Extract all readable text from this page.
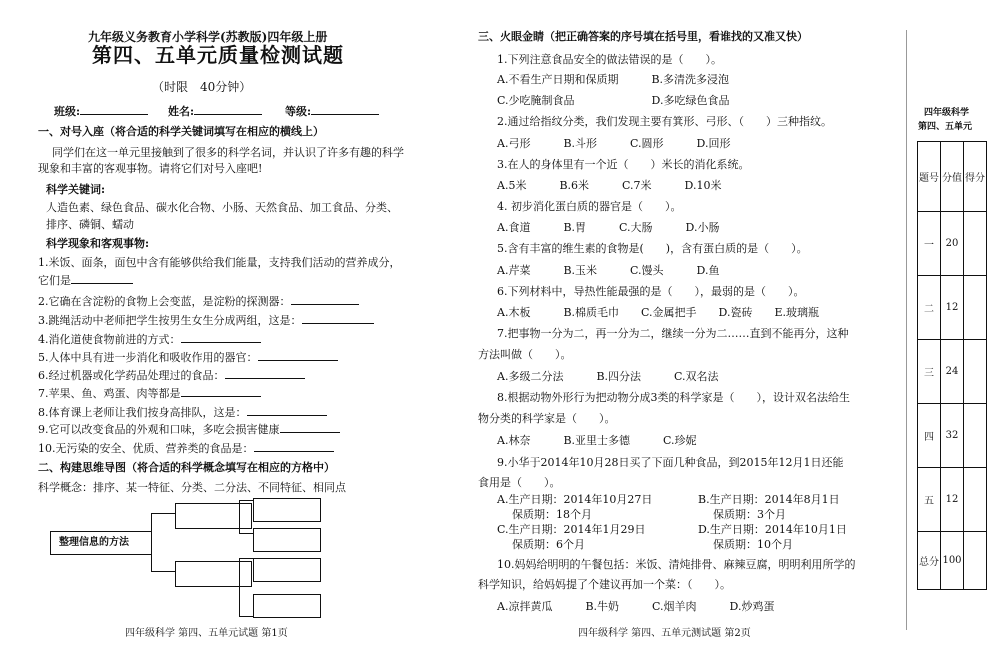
九年级义务教育小学科学(苏教版)四年级上册
第四、五单元质量检测试题
（时限　40分钟）
班级:	姓名:	等级:
一、对号入座（将合适的科学关键词填写在相应的横线上）
同学们在这一单元里接触到了很多的科学名词，并认识了许多有趣的科学
现象和丰富的客观事物。请将它们对号入座吧!
科学关键词:
人造色素、绿色食品、碳水化合物、小肠、天然食品、加工食品、分类、
排序、磷铜、蠕动
科学现象和客观事物:
1.米饭、面条，面包中含有能够供给我们能量，支持我们活动的营养成分，
它们是
2.它确在含淀粉的食物上会变蓝，是淀粉的探测器：
3.跳绳活动中老师把学生按男生女生分成两组，这是：
4.消化道使食物前进的方式：
5.人体中具有进一步消化和吸收作用的器官：
6.经过机器或化学药品处理过的食品：
7.苹果、鱼、鸡蛋、肉等都是
8.体育课上老师让我们按身高排队，这是：
9.它可以改变食品的外观和口味，多吃会损害健康
10.无污染的安全、优质、营养类的食品是：
二、构建思维导图（将合适的科学概念填写在相应的方格中）
科学概念：排序、某一特征、分类、二分法、不同特征、相同点
整理信息的方法
四年级科学 第四、五单元试题 第1页
三、火眼金睛（把正确答案的序号填在括号里，看谁找的又准又快）
1.下列注意食品安全的做法错误的是（　　）。
A.不看生产日期和保质期　　　B.多清洗多浸泡
C.少吃腌制食品　　　　　　　D.多吃绿色食品
2.通过给指纹分类，我们发现主要有箕形、弓形、（　　）三种指纹。
A.弓形　　　B.斗形　　　C.圆形　　　D.回形
3.在人的身体里有一个近（　　）米长的消化系统。
A.5米　　　B.6米　　　C.7米　　　D.10米
4. 初步消化蛋白质的器官是（　　）。
A.食道　　　B.胃　　　C.大肠　　　D.小肠
5.含有丰富的维生素的食物是(　　)，含有蛋白质的是（　　）。
A.芹菜　　　B.玉米　　　C.馒头　　　D.鱼
6.下列材料中，导热性能最强的是（　　），最弱的是（　　）。
A.木板　　　B.棉质毛巾　　C.金属把手　　D.瓷砖　　E.玻璃瓶
7.把事物一分为二，再一分为二，继续一分为二……直到不能再分，这种
方法叫做（　　）。
A.多级二分法　　　B.四分法　　　C.双名法
8.根据动物外形行为把动物分成3类的科学家是（　　），设计双名法给生
物分类的科学家是（　　）。
A.林奈　　　B.亚里士多德　　　C.珍妮
9.小华于2014年10月28日买了下面几种食品，到2015年12月1日还能
食用是（　　）。
A.生产日期：2014年10月27日	B.生产日期：2014年8月1日
保质期：18个月	保质期：3个月
C.生产日期：2014年1月29日	D.生产日期：2014年10月1日
保质期：6个月	保质期：10个月
10.妈妈给明明的午餐包括：米饭、清炖排骨、麻辣豆腐，明明利用所学的
科学知识，给妈妈提了个建议再加一个菜：（　　）。
A.凉拌黄瓜　　　B.牛奶　　　C.烟羊肉　　　D.炒鸡蛋
四年级科学 第四、五单元测试题 第2页
四年级科学
第四、五单元
题号	分值	得分
一	20	
二	12	
三	24	
四	32	
五	12	
总分	100	
